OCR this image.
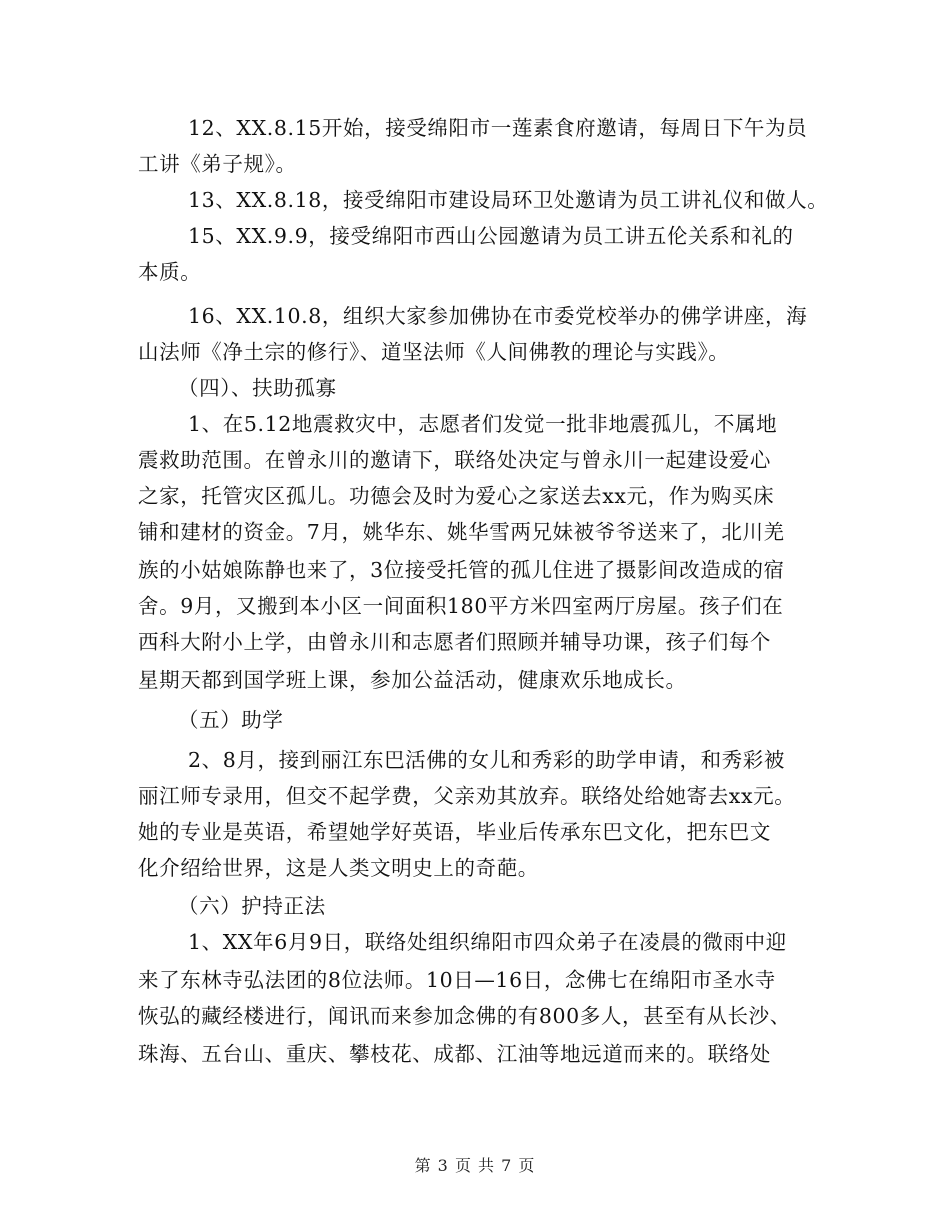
12、XX.8.15开始，接受绵阳市一莲素食府邀请，每周日下午为员
工讲《弟子规》。
13、XX.8.18，接受绵阳市建设局环卫处邀请为员工讲礼仪和做人。
15、XX.9.9，接受绵阳市西山公园邀请为员工讲五伦关系和礼的
本质。
16、XX.10.8，组织大家参加佛协在市委党校举办的佛学讲座，海
山法师《净土宗的修行》、道坚法师《人间佛教的理论与实践》。
（四）、扶助孤寡
1、在5.12地震救灾中，志愿者们发觉一批非地震孤儿，不属地
震救助范围。在曾永川的邀请下，联络处决定与曾永川一起建设爱心
之家，托管灾区孤儿。功德会及时为爱心之家送去xx元，作为购买床
铺和建材的资金。7月，姚华东、姚华雪两兄妹被爷爷送来了，北川羌
族的小姑娘陈静也来了，3位接受托管的孤儿住进了摄影间改造成的宿
舍。9月，又搬到本小区一间面积180平方米四室两厅房屋。孩子们在
西科大附小上学，由曾永川和志愿者们照顾并辅导功课，孩子们每个
星期天都到国学班上课，参加公益活动，健康欢乐地成长。
（五）助学
2、8月，接到丽江东巴活佛的女儿和秀彩的助学申请，和秀彩被
丽江师专录用，但交不起学费，父亲劝其放弃。联络处给她寄去xx元。
她的专业是英语，希望她学好英语，毕业后传承东巴文化，把东巴文
化介绍给世界，这是人类文明史上的奇葩。
（六）护持正法
1、XX年6月9日，联络处组织绵阳市四众弟子在凌晨的微雨中迎
来了东林寺弘法团的8位法师。10日—16日，念佛七在绵阳市圣水寺
恢弘的藏经楼进行，闻讯而来参加念佛的有800多人，甚至有从长沙、
珠海、五台山、重庆、攀枝花、成都、江油等地远道而来的。联络处
第 3 页 共 7 页
